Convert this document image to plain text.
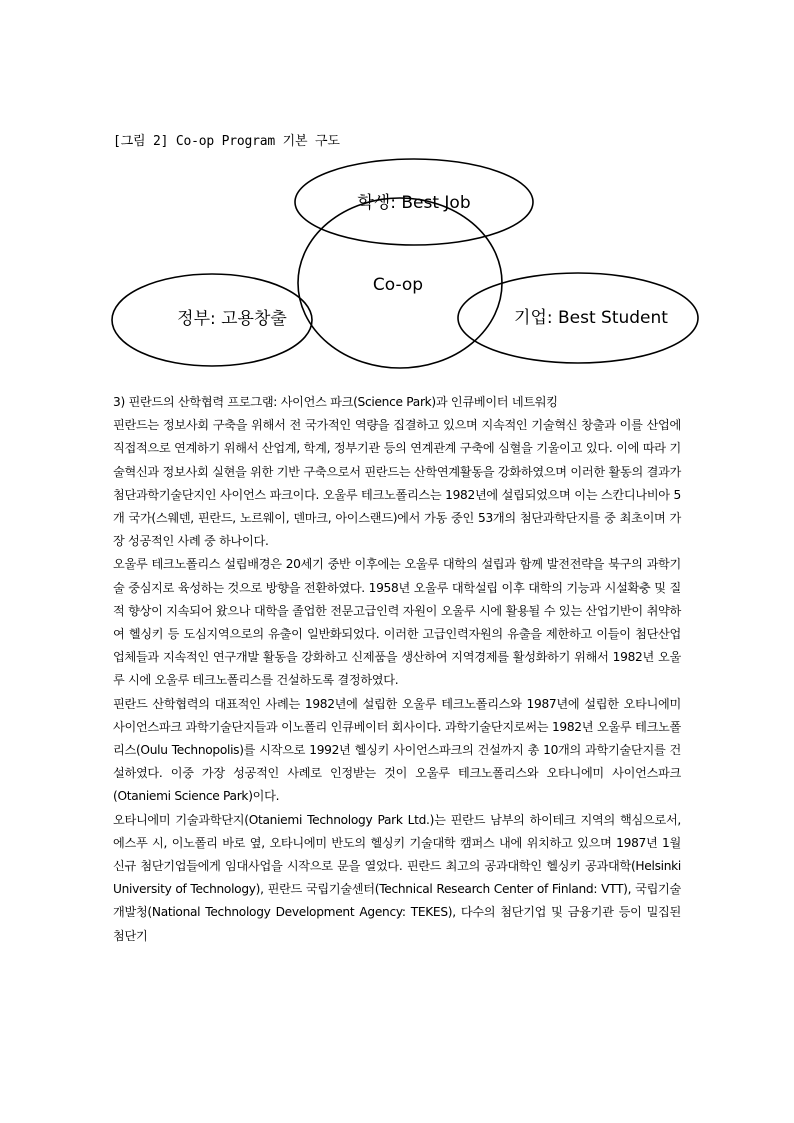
[그림 2] Co-op Program 기본 구도
학생: Best Job
Co-op
정부: 고용창출	기업: Best Student

3) 핀란드의 산학협력 프로그램: 사이언스 파크(Science Park)과 인큐베이터 네트워킹

핀란드는 정보사회 구축을 위해서 전 국가적인 역량을 집결하고 있으며 지속적인 기술혁신 창출과 이를 산업에 직접적으로 연계하기 위해서 산업계, 학계, 정부기관 등의 연계관계 구축에 심혈을 기울이고 있다. 이에 따라 기술혁신과 정보사회 실현을 위한 기반 구축으로서 핀란드는 산학연계활동을 강화하였으며 이러한 활동의 결과가 첨단과학기술단지인 사이언스 파크이다. 오울루 테크노폴리스는 1982년에 설립되었으며 이는 스칸디나비아 5개 국가(스웨덴, 핀란드, 노르웨이, 덴마크, 아이스랜드)에서 가동 중인 53개의 첨단과학단지를 중 최초이며 가장 성공적인 사례 중 하나이다.

오울루 테크노폴리스 설립배경은 20세기 중반 이후에는 오울루 대학의 설립과 함께 발전전략을 북구의 과학기술 중심지로 육성하는 것으로 방향을 전환하였다. 1958년 오울루 대학설립 이후 대학의 기능과 시설확충 및 질적 향상이 지속되어 왔으나 대학을 졸업한 전문고급인력 자원이 오울루 시에 활용될 수 있는 산업기반이 취약하여 헬싱키 등 도심지역으로의 유출이 일반화되었다. 이러한 고급인력자원의 유출을 제한하고 이들이 첨단산업 업체들과 지속적인 연구개발 활동을 강화하고 신제품을 생산하여 지역경제를 활성화하기 위해서 1982년 오울루 시에 오울루 테크노폴리스를 건설하도록 결정하였다.

핀란드 산학협력의 대표적인 사례는 1982년에 설립한 오울루 테크노폴리스와 1987년에 설립한 오타니에미 사이언스파크 과학기술단지들과 이노폴리 인큐베이터 회사이다. 과학기술단지로써는 1982년 오울루 테크노폴리스(Oulu Technopolis)를 시작으로 1992년 헬싱키 사이언스파크의 건설까지 총 10개의 과학기술단지를 건설하였다. 이중 가장 성공적인 사례로 인정받는 것이 오울루 테크노폴리스와 오타니에미 사이언스파크(Otaniemi Science Park)이다.

오타니에미 기술과학단지(Otaniemi Technology Park Ltd.)는 핀란드 남부의 하이테크 지역의 핵심으로서, 에스푸 시, 이노폴리 바로 옆, 오타니에미 반도의 헬싱키 기술대학 캠퍼스 내에 위치하고 있으며 1987년 1월 신규 첨단기업들에게 임대사업을 시작으로 문을 열었다. 핀란드 최고의 공과대학인 헬싱키 공과대학(Helsinki University of Technology), 핀란드 국립기술센터(Technical Research Center of Finland: VTT), 국립기술개발청(National Technology Development Agency: TEKES), 다수의 첨단기업 및 금융기관 등이 밀집된 첨단기
